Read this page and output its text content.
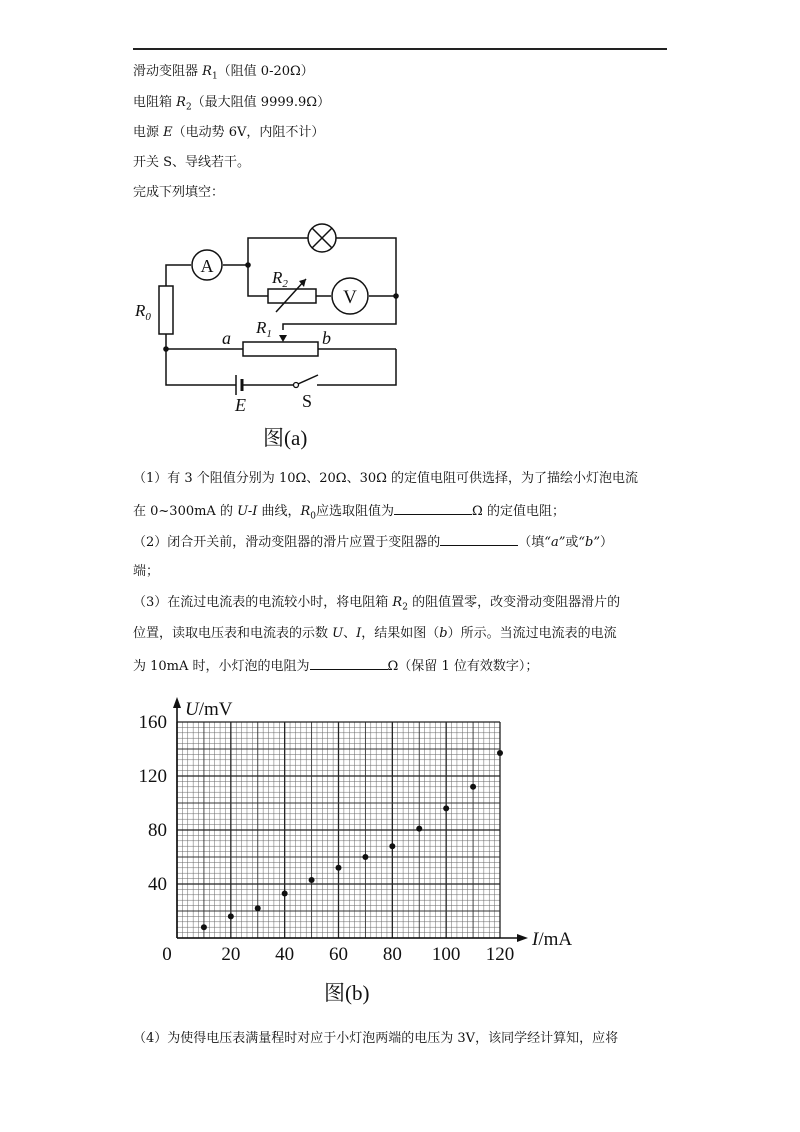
滑动变阻器 $R_1$（阻值 0-20Ω）
电阻箱 $R_2$（最大阻值 9999.9Ω）
电源 E（电动势 6V，内阻不计）
开关 S、导线若干。
完成下列填空：
A
$R_2$
V
$R_0$
$R_1$
a	b
E	S
图(a)
（1）有 3 个阻值分别为 10Ω、20Ω、30Ω 的定值电阻可供选择，为了描绘小灯泡电流
在 0~300mA 的 U-I 曲线，$R_0$应选取阻值为	Ω 的定值电阻；
（2）闭合开关前，滑动变阻器的滑片应置于变阻器的	（填“a”或“b”）
端；
（3）在流过电流表的电流较小时，将电阻箱 $R_2$ 的阻值置零，改变滑动变阻器滑片的
位置，读取电压表和电流表的示数 U、I，结果如图（b）所示。当流过电流表的电流
为 10mA 时，小灯泡的电阻为	Ω（保留 1 位有效数字）；
0	20 40 60 80 100 120
40
80
120
160
U/mV
I/mA
图(b)
（4）为使得电压表满量程时对应于小灯泡两端的电压为 3V，该同学经计算知，应将
